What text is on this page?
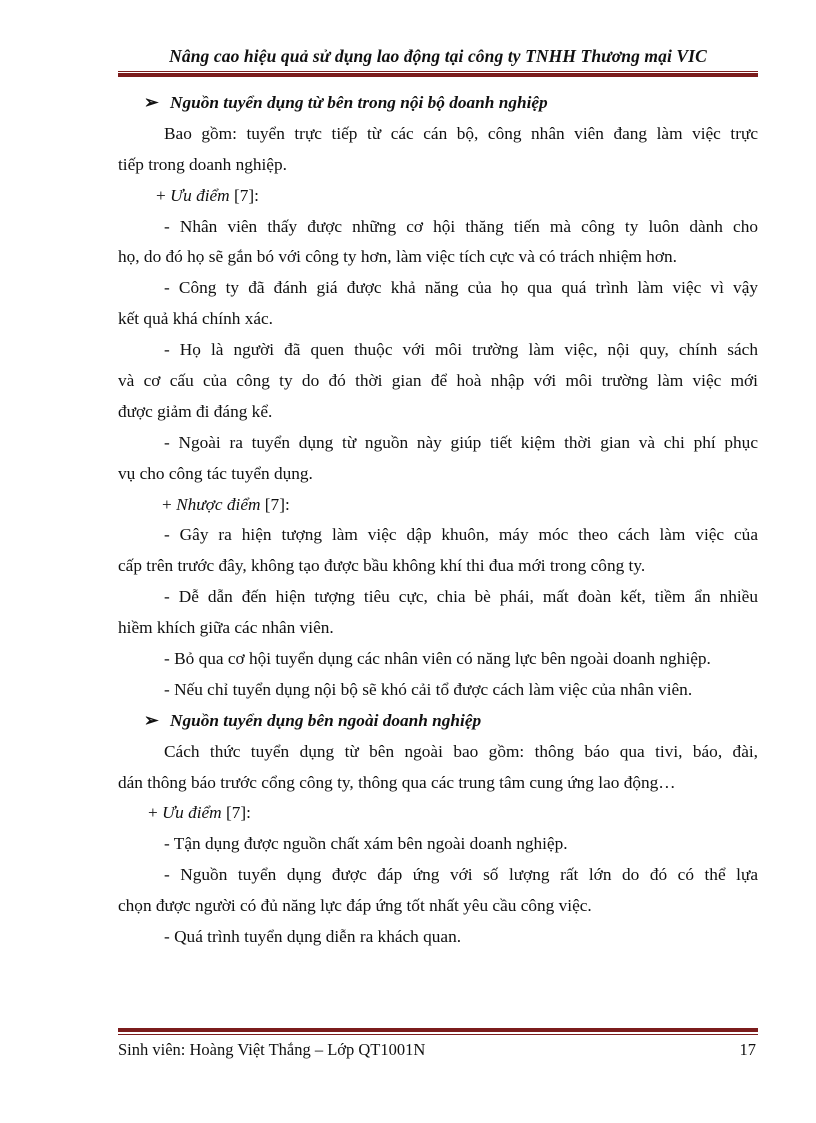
Nâng cao hiệu quả sử dụng lao động tại công ty TNHH Thương mại VIC
➢ Nguồn tuyển dụng từ bên trong nội bộ doanh nghiệp
Bao gồm: tuyển trực tiếp từ các cán bộ, công nhân viên đang làm việc trực
tiếp trong doanh nghiệp.
+ Ưu điểm [7]:
- Nhân viên thấy được những cơ hội thăng tiến mà công ty luôn dành cho
họ, do đó họ sẽ gắn bó với công ty hơn, làm việc tích cực và có trách nhiệm hơn.
- Công ty đã đánh giá được khả năng của họ qua quá trình làm việc vì vậy
kết quả khá chính xác.
- Họ là người đã quen thuộc với môi trường làm việc, nội quy, chính sách
và cơ cấu của công ty do đó thời gian để hoà nhập với môi trường làm việc mới
được giảm đi đáng kể.
- Ngoài ra tuyển dụng từ nguồn này giúp tiết kiệm thời gian và chi phí phục
vụ cho công tác tuyển dụng.
+ Nhược điểm [7]:
- Gây ra hiện tượng làm việc dập khuôn, máy móc theo cách làm việc của
cấp trên trước đây, không tạo được bầu không khí thi đua mới trong công ty.
- Dễ dẫn đến hiện tượng tiêu cực, chia bè phái, mất đoàn kết, tiềm ẩn nhiều
hiềm khích giữa các nhân viên.
- Bỏ qua cơ hội tuyển dụng các nhân viên có năng lực bên ngoài doanh nghiệp.
- Nếu chỉ tuyển dụng nội bộ sẽ khó cải tổ được cách làm việc của nhân viên.
➢ Nguồn tuyển dụng bên ngoài doanh nghiệp
Cách thức tuyển dụng từ bên ngoài bao gồm: thông báo qua tivi, báo, đài,
dán thông báo trước cổng công ty, thông qua các trung tâm cung ứng lao động…
+ Ưu điểm [7]:
- Tận dụng được nguồn chất xám bên ngoài doanh nghiệp.
- Nguồn tuyển dụng được đáp ứng với số lượng rất lớn do đó có thể lựa
chọn được người có đủ năng lực đáp ứng tốt nhất yêu cầu công việc.
- Quá trình tuyển dụng diễn ra khách quan.
Sinh viên: Hoàng Việt Thắng – Lớp QT1001N	17
